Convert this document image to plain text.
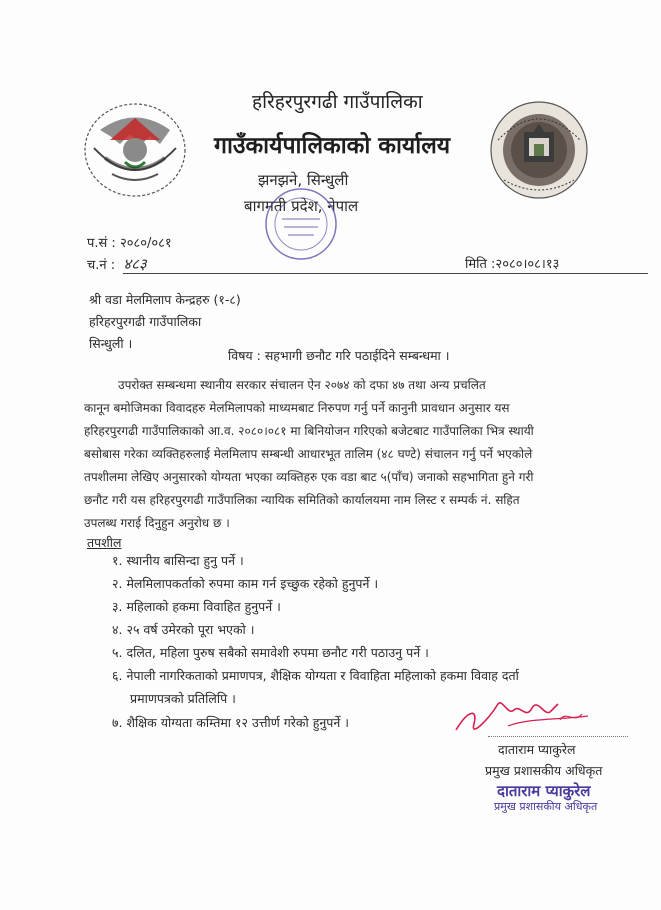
हरिहरपुरगढी गाउँपालिका
गाउँकार्यपालिकाको कार्यालय
झनझने, सिन्धुली
बागमती प्रदेश, नेपाल
प.सं : २०८०/०८१
च.नं : ४८३	मिति :२०८०।०८।१३
श्री वडा मेलमिलाप केन्द्रहरु (१-८)
हरिहरपुरगढी गाउँपालिका
सिन्धुली ।
विषय : सहभागी छनौट गरि पठाईदिने सम्बन्धमा ।
उपरोक्त सम्बन्धमा स्थानीय सरकार संचालन ऐन २०७४ को दफा ४७ तथा अन्य प्रचलित
कानून बमोजिमका विवादहरु मेलमिलापको माध्यमबाट निरुपण गर्नु पर्ने कानुनी प्रावधान अनुसार यस
हरिहरपुरगढी गाउँपालिकाको आ.व. २०८०।०८१ मा बिनियोजन गरिएको बजेटबाट गाउँपालिका भित्र स्थायी
बसोबास गरेका व्यक्तिहरुलाई मेलमिलाप सम्बन्धी आधारभूत तालिम (४८ घण्टे) संचालन गर्नु पर्ने भएकोले
तपशीलमा लेखिए अनुसारको योग्यता भएका व्यक्तिहरु एक वडा बाट ५(पाँच) जनाको सहभागिता हुने गरी
छनौट गरी यस हरिहरपुरगढी गाउँपालिका न्यायिक समितिको कार्यालयमा नाम लिस्ट र सम्पर्क नं. सहित
उपलब्ध गराई दिनुहुन अनुरोध छ ।
तपशील
१. स्थानीय बासिन्दा हुनु पर्ने ।
२. मेलमिलापकर्ताको रुपमा काम गर्न इच्छुक रहेको हुनुपर्ने ।
३. महिलाको हकमा विवाहित हुनुपर्ने ।
४. २५ वर्ष उमेरको पूरा भएको ।
५. दलित, महिला पुरुष सबैको समावेशी रुपमा छनौट गरी पठाउनु पर्ने ।
६. नेपाली नागरिकताको प्रमाणपत्र, शैक्षिक योग्यता र विवाहिता महिलाको हकमा विवाह दर्ता
प्रमाणपत्रको प्रतिलिपि ।
७. शैक्षिक योग्यता कम्तिमा १२ उत्तीर्ण गरेको हुनुपर्ने ।
दाताराम प्याकुरेल
प्रमुख प्रशासकीय अधिकृत
दाताराम प्याकुरेल
प्रमुख प्रशासकीय अधिकृत
